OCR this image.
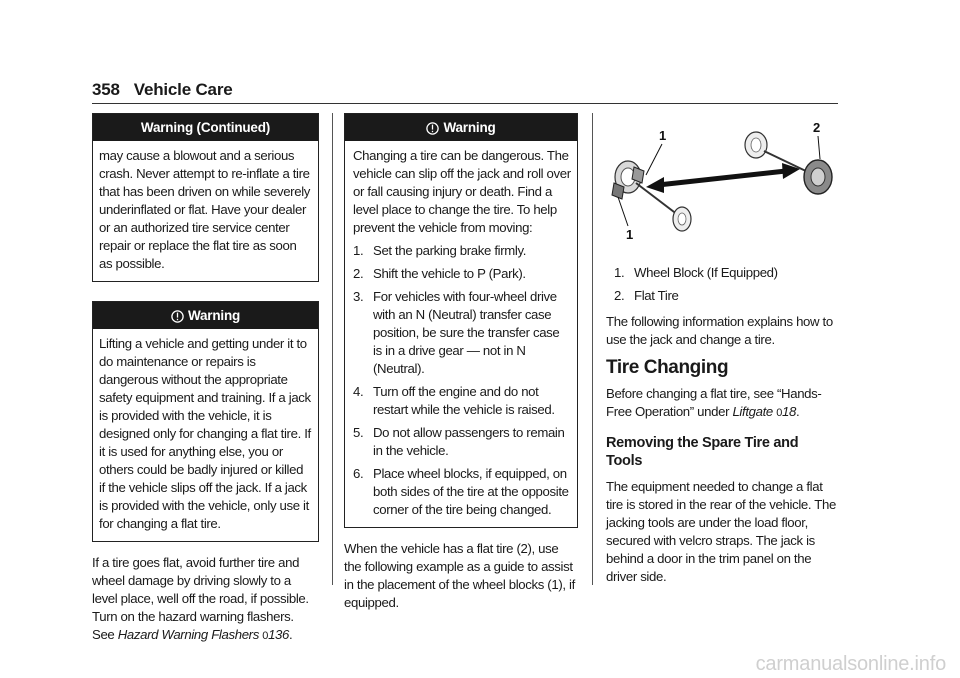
358 Vehicle Care
Warning (Continued)

may cause a blowout and a serious crash. Never attempt to re-inflate a tire that has been driven on while severely underinflated or flat. Have your dealer or an authorized tire service center repair or replace the flat tire as soon as possible.

Warning

Lifting a vehicle and getting under it to do maintenance or repairs is dangerous without the appropriate safety equipment and training. If a jack is provided with the vehicle, it is designed only for changing a flat tire. If it is used for anything else, you or others could be badly injured or killed if the vehicle slips off the jack. If a jack is provided with the vehicle, only use it for changing a flat tire.

If a tire goes flat, avoid further tire and wheel damage by driving slowly to a level place, well off the road, if possible. Turn on the hazard warning flashers. See Hazard Warning Flashers 0136.

Warning

Changing a tire can be dangerous. The vehicle can slip off the jack and roll over or fall causing injury or death. Find a level place to change the tire. To help prevent the vehicle from moving:

1. Set the parking brake firmly.
2. Shift the vehicle to P (Park).
3. For vehicles with four-wheel drive with an N (Neutral) transfer case position, be sure the transfer case is in a drive gear — not in N (Neutral).
4. Turn off the engine and do not restart while the vehicle is raised.
5. Do not allow passengers to remain in the vehicle.
6. Place wheel blocks, if equipped, on both sides of the tire at the opposite corner of the tire being changed.

When the vehicle has a flat tire (2), use the following example as a guide to assist in the placement of the wheel blocks (1), if equipped.

1
2
1
1. Wheel Block (If Equipped)
2. Flat Tire

The following information explains how to use the jack and change a tire.

Tire Changing

Before changing a flat tire, see “Hands-Free Operation” under Liftgate 018.

Removing the Spare Tire and Tools

The equipment needed to change a flat tire is stored in the rear of the vehicle. The jacking tools are under the load floor, secured with velcro straps. The jack is behind a door in the trim panel on the driver side.

carmanualsonline.info
